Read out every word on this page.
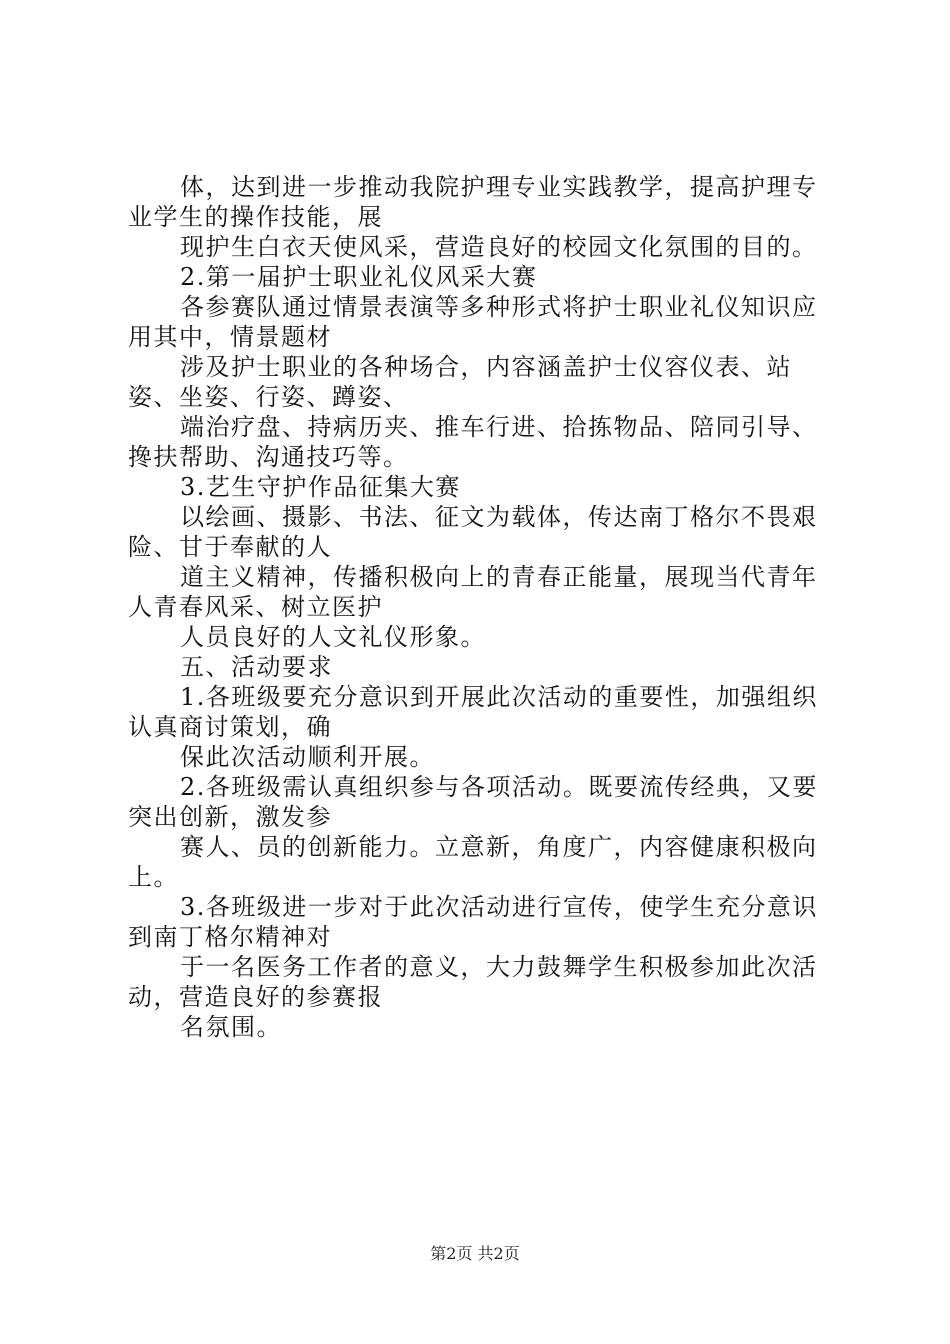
体，达到进一步推动我院护理专业实践教学，提高护理专业学生的操作技能，展

现护生白衣天使风采，营造良好的校园文化氛围的目的。

2.第一届护士职业礼仪风采大赛

各参赛队通过情景表演等多种形式将护士职业礼仪知识应用其中，情景题材

涉及护士职业的各种场合，内容涵盖护士仪容仪表、站姿、坐姿、行姿、蹲姿、

端治疗盘、持病历夹、推车行进、拾拣物品、陪同引导、搀扶帮助、沟通技巧等。

3.艺生守护作品征集大赛

以绘画、摄影、书法、征文为载体，传达南丁格尔不畏艰险、甘于奉献的人

道主义精神，传播积极向上的青春正能量，展现当代青年人青春风采、树立医护

人员良好的人文礼仪形象。

五、活动要求

1.各班级要充分意识到开展此次活动的重要性，加强组织认真商讨策划，确

保此次活动顺利开展。

2.各班级需认真组织参与各项活动。既要流传经典，又要突出创新，激发参

赛人、员的创新能力。立意新，角度广，内容健康积极向上。

3.各班级进一步对于此次活动进行宣传，使学生充分意识到南丁格尔精神对

于一名医务工作者的意义，大力鼓舞学生积极参加此次活动，营造良好的参赛报

名氛围。

第2页 共2页
